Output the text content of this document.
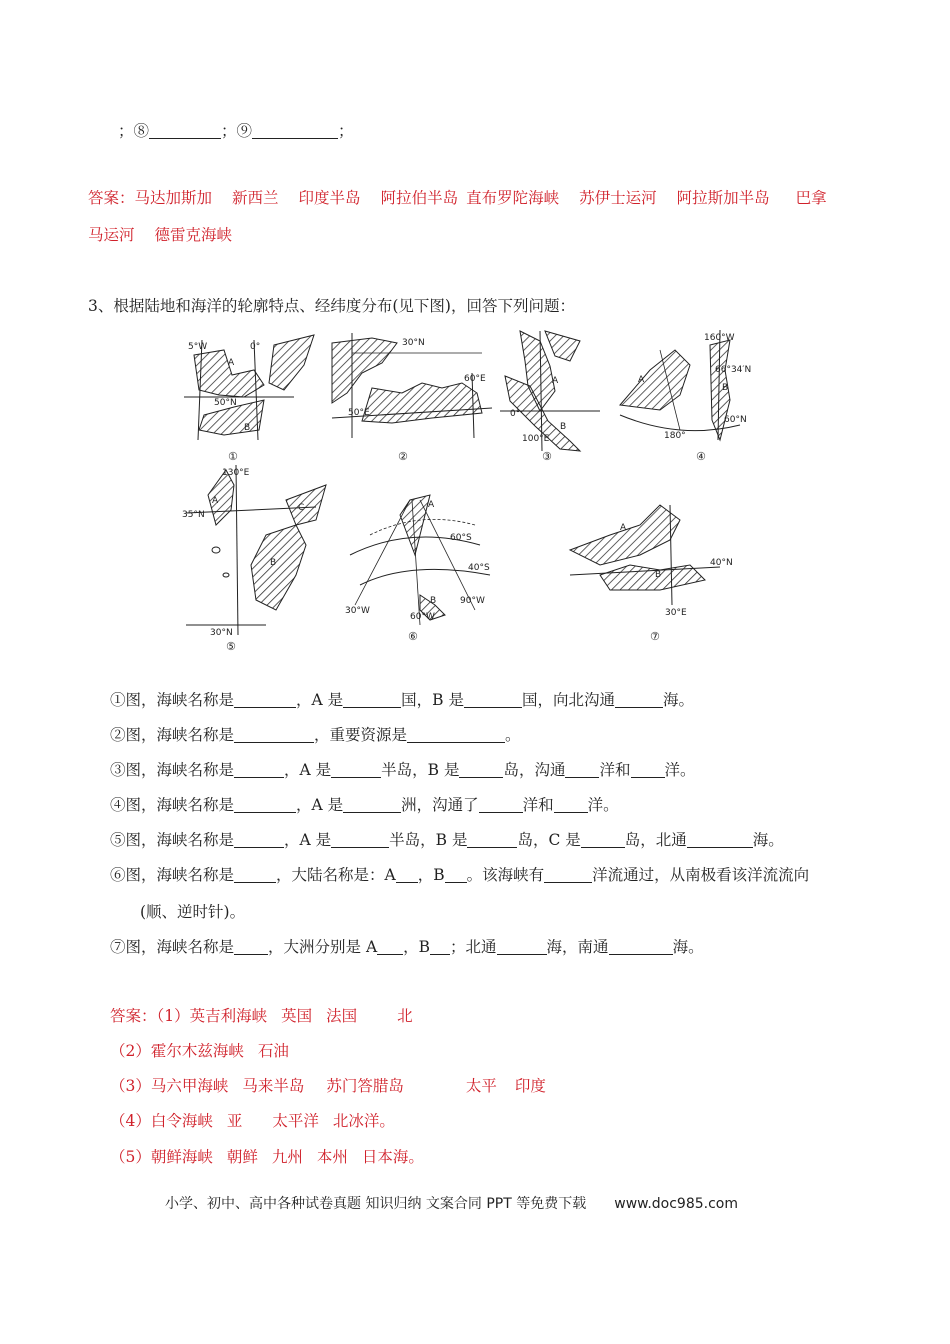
；⑧	；⑨	；
答案：马达加斯加 新西兰 印度半岛 阿拉伯半岛 直布罗陀海峡 苏伊士运河 阿拉斯加半岛 巴拿
马运河 德雷克海峡
3、根据陆地和海洋的轮廓特点、经纬度分布(见下图)，回答下列问题：
5°W	0°
A
50°N
B
①
30°N
60°E
50°E
②
A
0°
100°E
B
③
160°W
66°34′N
A
B
180°
60°N
④
130°E
A
35°N
C
B
30°N
⑤
A
60°S
40°S
30°W
90°W
60°W
B
⑥
A
B
40°N
30°E
⑦
①图，海峡名称是	，A 是	国，B 是	国，向北沟通	海。
②图，海峡名称是	，重要资源是	。
③图，海峡名称是	，A 是	半岛，B 是	岛，沟通 洋和 洋。
④图，海峡名称是	，A 是	洲，沟通了	洋和 洋。
⑤图，海峡名称是	，A 是	半岛，B 是	岛，C 是	岛，北通	海。
⑥图，海峡名称是	，大陆名称是：A ，B 。该海峡有	洋流通过，从南极看该洋流流向
(顺、逆时针)。
⑦图，海峡名称是 ，大洲分别是 A ，B ；北通	海，南通	海。
答案：（1）英吉利海峡 英国 法国	北
（2）霍尔木兹海峡 石油
（3）马六甲海峡 马来半岛 苏门答腊岛	太平 印度
（4）白令海峡 亚 太平洋 北冰洋。
（5）朝鲜海峡 朝鲜 九州 本州 日本海。
小学、初中、高中各种试卷真题 知识归纳 文案合同 PPT 等免费下载 www.doc985.com
